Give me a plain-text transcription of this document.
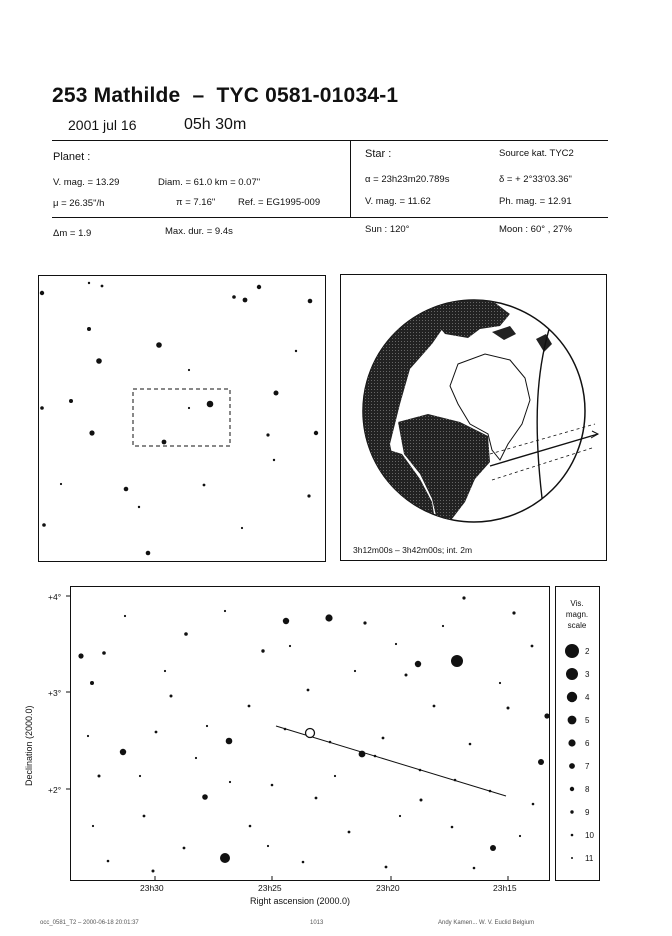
253 Mathilde  –  TYC 0581-01034-1
2001 jul 16	05h 30m
Planet :
V. mag. = 13.29	Diam. = 61.0 km = 0.07"
μ = 26.35"/h	π = 7.16" Ref. = EG1995-009
Δm = 1.9	Max. dur. = 9.4s
Star :	Source kat. TYC2
α = 23h23m20.789s	δ = + 2°33'03.36"
V. mag. = 11.62	Ph. mag. = 12.91
Sun : 120°	Moon : 60° , 27%
3h12m00s – 3h42m00s; int. 2m
+4°
+3°
+2°
23h30	23h25	23h20	23h15
Right ascension (2000.0)
Declination (2000.0)
Vis.
magn.
scale
2
3
4
5
6
7
8
9
10
11
occ_0581_T2 – 2000-06-18 20:01:37	1013	Andy Kamen... W. V. Euclid Belgium
